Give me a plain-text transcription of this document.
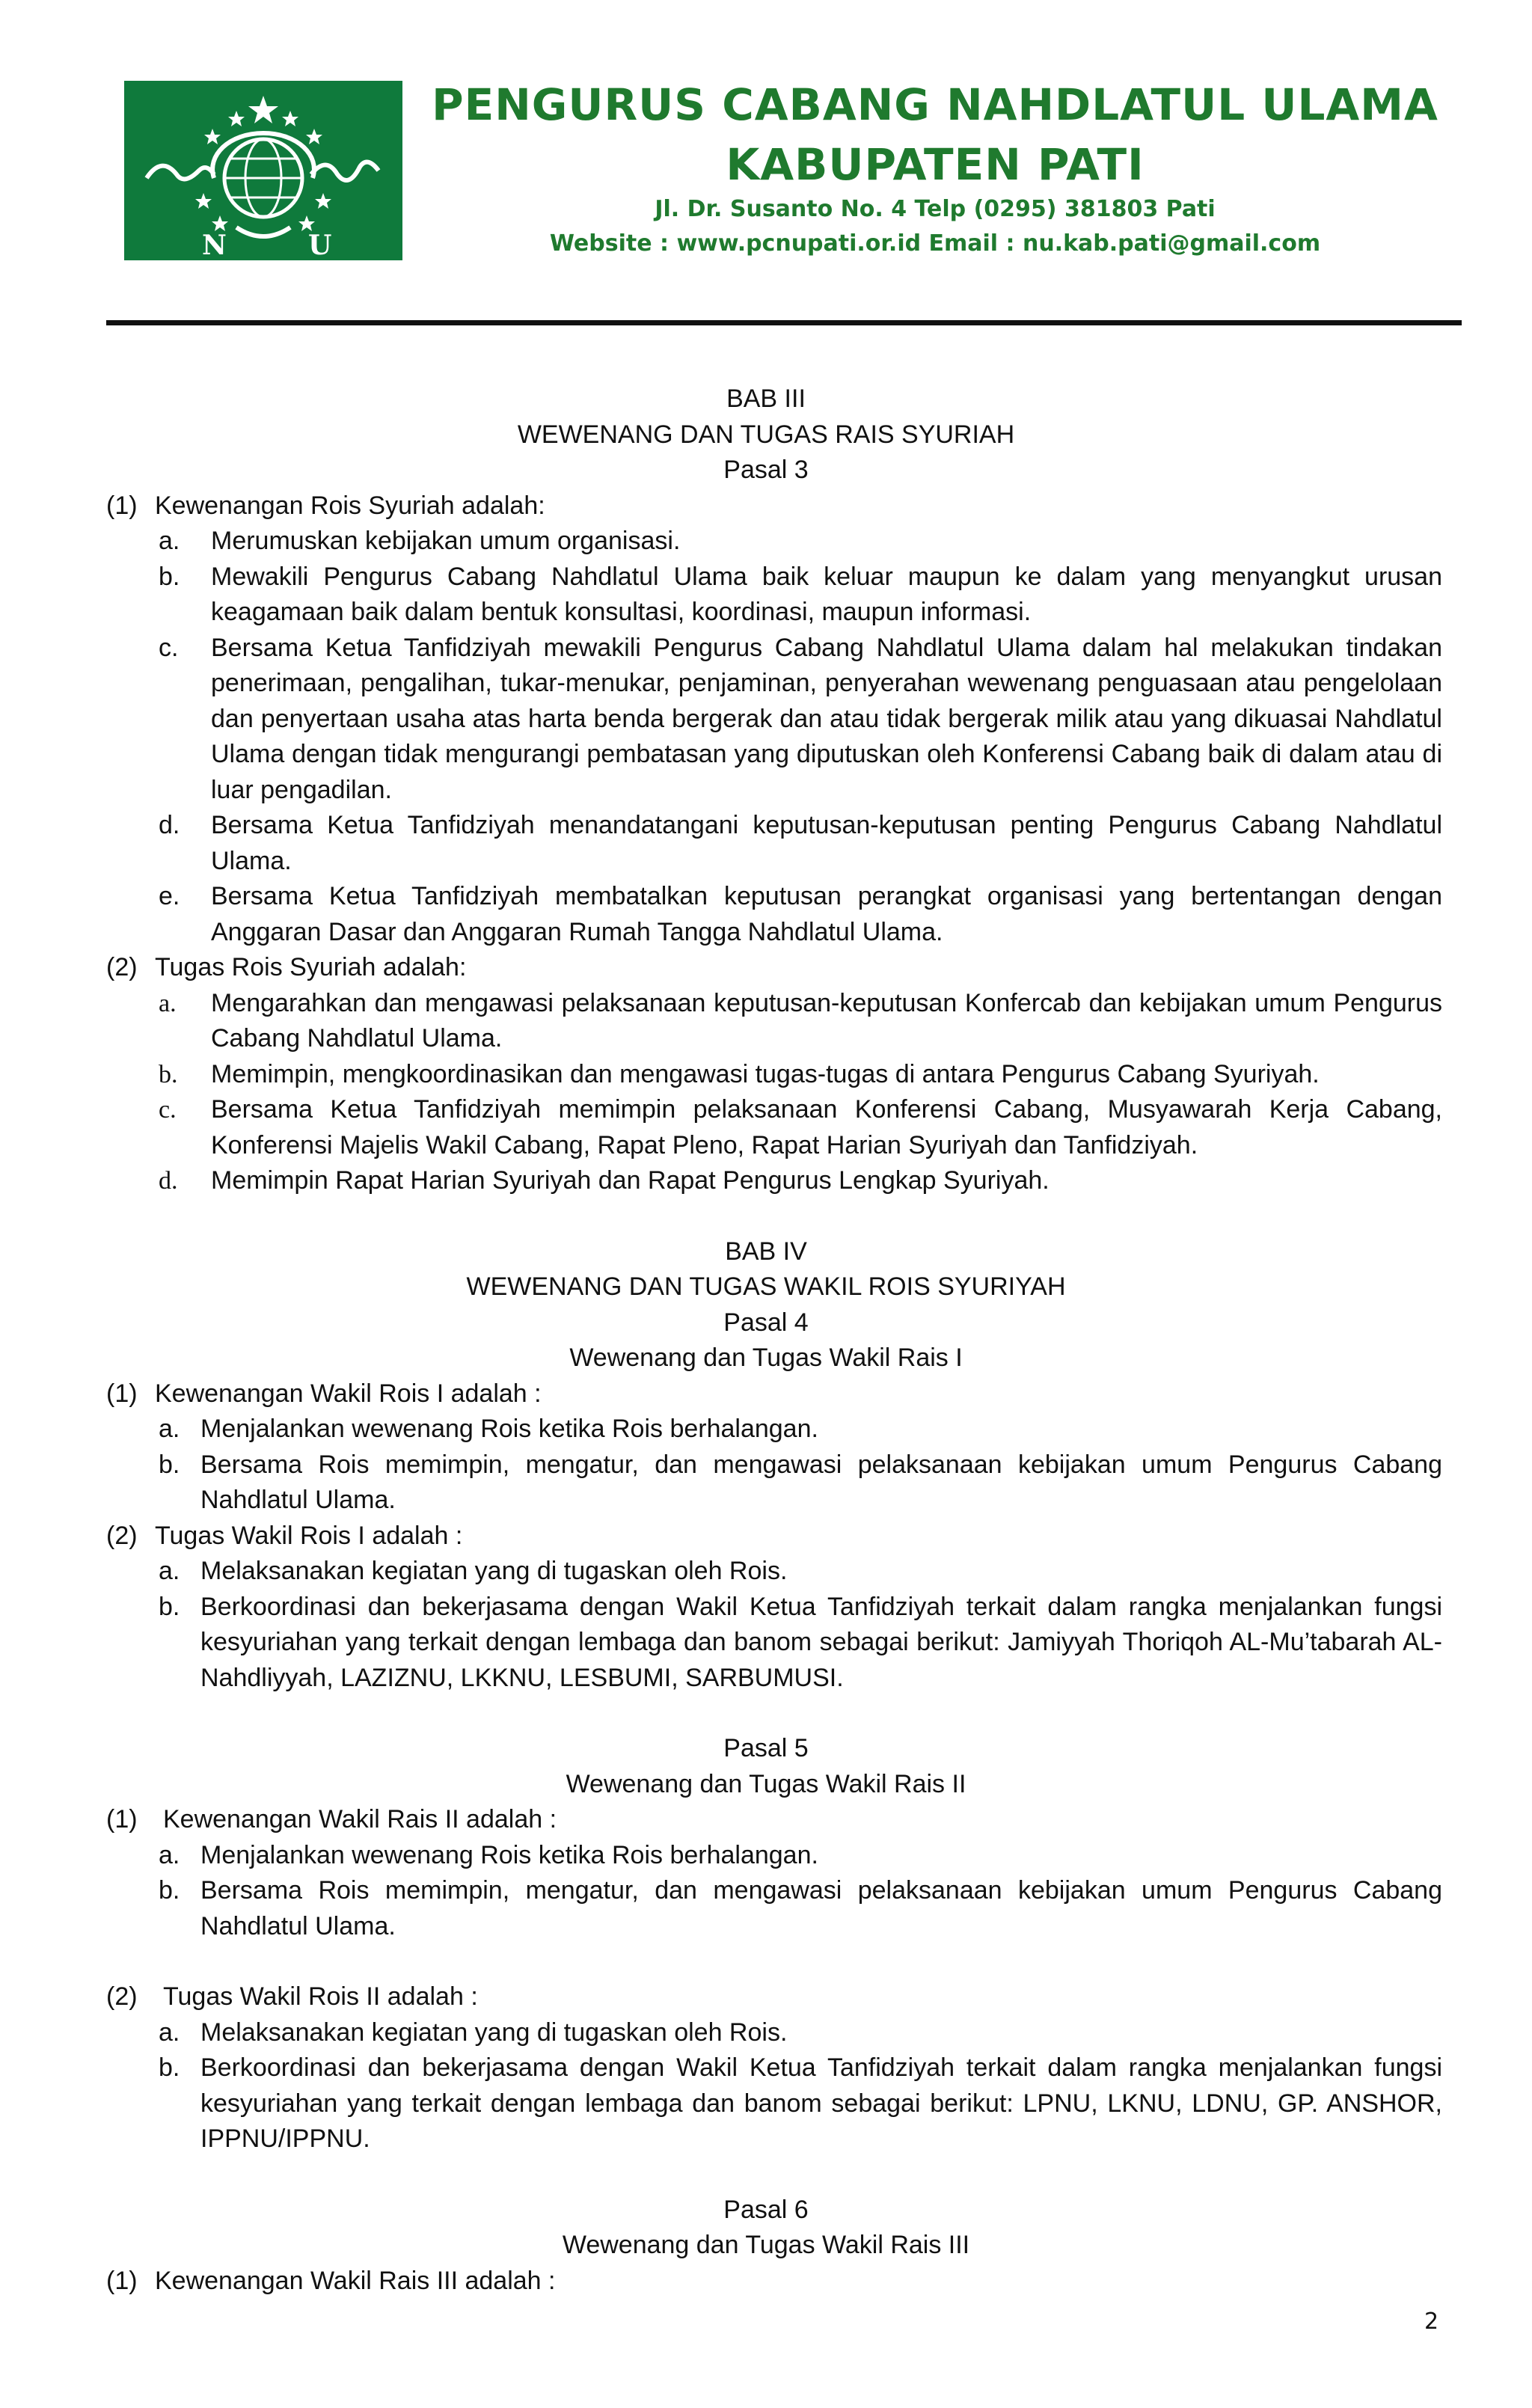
N	U
PENGURUS CABANG NAHDLATUL ULAMA
KABUPATEN PATI
Jl. Dr. Susanto No. 4 Telp (0295) 381803 Pati
Website : www.pcnupati.or.id Email : nu.kab.pati@gmail.com
BAB III
WEWENANG DAN TUGAS RAIS SYURIAH
Pasal 3
(1) Kewenangan Rois Syuriah adalah:
a. Merumuskan kebijakan umum organisasi.
b. Mewakili Pengurus Cabang Nahdlatul Ulama baik keluar maupun ke dalam yang menyangkut urusan keagamaan baik dalam bentuk konsultasi, koordinasi, maupun informasi.
c. Bersama Ketua Tanfidziyah mewakili Pengurus Cabang Nahdlatul Ulama dalam hal melakukan tindakan penerimaan, pengalihan, tukar-menukar, penjaminan, penyerahan wewenang penguasaan atau pengelolaan dan penyertaan usaha atas harta benda bergerak dan atau tidak bergerak milik atau yang dikuasai Nahdlatul Ulama dengan tidak mengurangi pembatasan yang diputuskan oleh Konferensi Cabang baik di dalam atau di luar pengadilan.
d. Bersama Ketua Tanfidziyah menandatangani keputusan-keputusan penting Pengurus Cabang Nahdlatul Ulama.
e. Bersama Ketua Tanfidziyah membatalkan keputusan perangkat organisasi yang bertentangan dengan Anggaran Dasar dan Anggaran Rumah Tangga Nahdlatul Ulama.
(2) Tugas Rois Syuriah adalah:
a. Mengarahkan dan mengawasi pelaksanaan keputusan-keputusan Konfercab dan kebijakan umum Pengurus Cabang Nahdlatul Ulama.
b. Memimpin, mengkoordinasikan dan mengawasi tugas-tugas di antara Pengurus Cabang Syuriyah.
c. Bersama Ketua Tanfidziyah memimpin pelaksanaan Konferensi Cabang, Musyawarah Kerja Cabang, Konferensi Majelis Wakil Cabang, Rapat Pleno, Rapat Harian Syuriyah dan Tanfidziyah.
d. Memimpin Rapat Harian Syuriyah dan Rapat Pengurus Lengkap Syuriyah.
BAB IV
WEWENANG DAN TUGAS WAKIL ROIS SYURIYAH
Pasal 4
Wewenang dan Tugas Wakil Rais I
(1) Kewenangan Wakil Rois I adalah :
a. Menjalankan wewenang Rois ketika Rois berhalangan.
b. Bersama Rois memimpin, mengatur, dan mengawasi pelaksanaan kebijakan umum Pengurus Cabang Nahdlatul Ulama.
(2) Tugas Wakil Rois I adalah :
a. Melaksanakan kegiatan yang di tugaskan oleh Rois.
b. Berkoordinasi dan bekerjasama dengan Wakil Ketua Tanfidziyah terkait dalam rangka menjalankan fungsi kesyuriahan yang terkait dengan lembaga dan banom sebagai berikut: Jamiyyah Thoriqoh AL-Mu’tabarah AL-Nahdliyyah, LAZIZNU, LKKNU, LESBUMI, SARBUMUSI.
Pasal 5
Wewenang dan Tugas Wakil Rais II
(1)	Kewenangan Wakil Rais II adalah :
a. Menjalankan wewenang Rois ketika Rois berhalangan.
b. Bersama Rois memimpin, mengatur, dan mengawasi pelaksanaan kebijakan umum Pengurus Cabang Nahdlatul Ulama.
(2)	Tugas Wakil Rois II adalah :
a. Melaksanakan kegiatan yang di tugaskan oleh Rois.
b. Berkoordinasi dan bekerjasama dengan Wakil Ketua Tanfidziyah terkait dalam rangka menjalankan fungsi kesyuriahan yang terkait dengan lembaga dan banom sebagai berikut: LPNU, LKNU, LDNU, GP. ANSHOR, IPPNU/IPPNU.
Pasal 6
Wewenang dan Tugas Wakil Rais III
(1) Kewenangan Wakil Rais III adalah :
2
